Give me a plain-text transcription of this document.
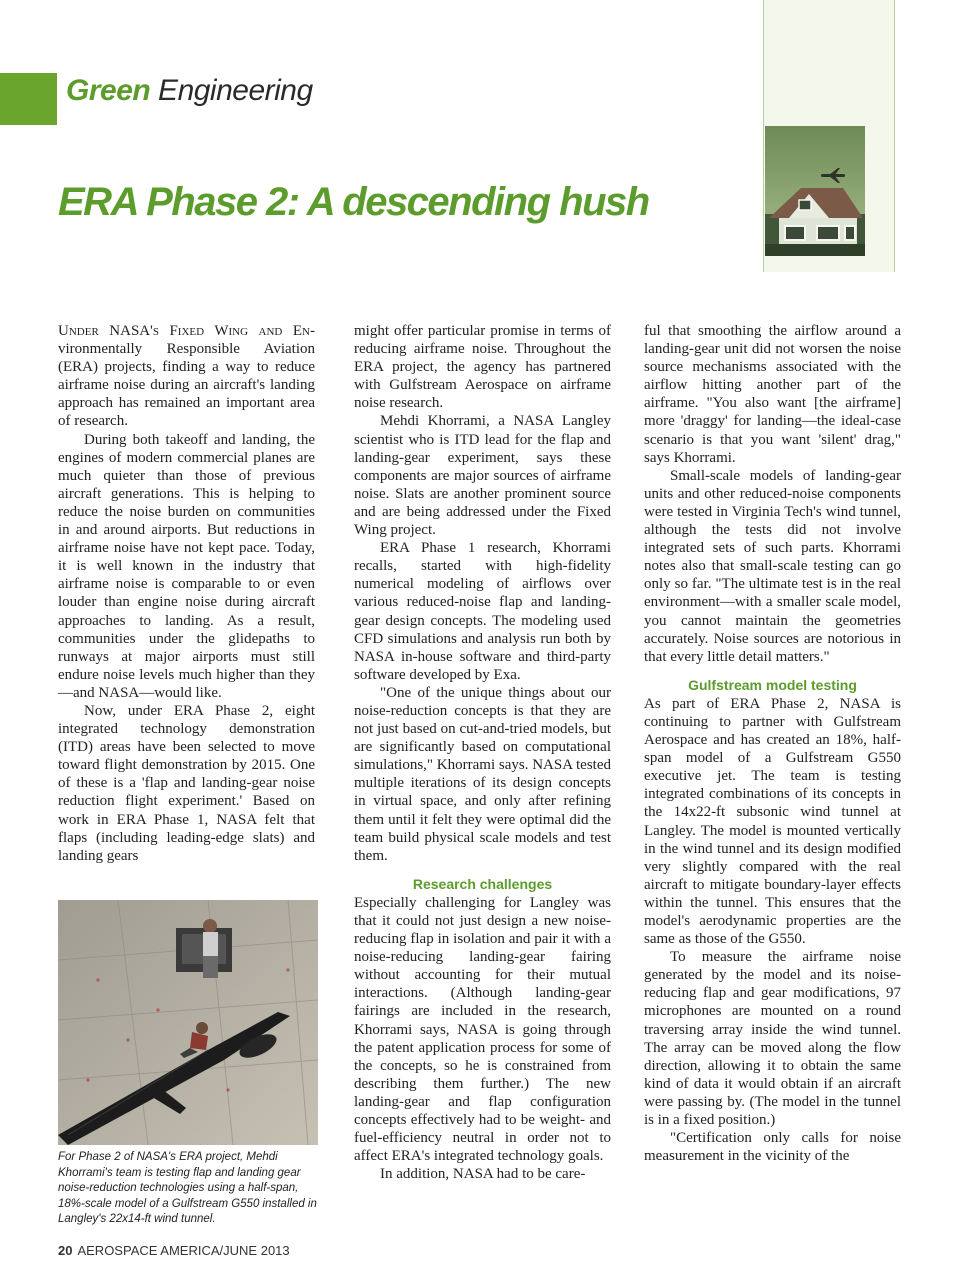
Green Engineering
ERA Phase 2: A descending hush

Under NASA's Fixed Wing and En-vironmentally Responsible Aviation (ERA) projects, finding a way to reduce airframe noise during an aircraft's landing approach has remained an important area of research.

During both takeoff and landing, the engines of modern commercial planes are much quieter than those of previous aircraft generations. This is helping to reduce the noise burden on communities in and around airports. But reductions in airframe noise have not kept pace. Today, it is well known in the industry that airframe noise is comparable to or even louder than engine noise during aircraft approaches to landing. As a result, communities under the glidepaths to runways at major airports must still endure noise levels much higher than they—and NASA—would like.

Now, under ERA Phase 2, eight integrated technology demonstration (ITD) areas have been selected to move toward flight demonstration by 2015. One of these is a 'flap and landing-gear noise reduction flight experiment.' Based on work in ERA Phase 1, NASA felt that flaps (including leading-edge slats) and landing gears

For Phase 2 of NASA's ERA project, Mehdi Khorrami's team is testing flap and landing gear noise-reduction technologies using a half-span, 18%-scale model of a Gulfstream G550 installed in Langley's 22x14-ft wind tunnel.

might offer particular promise in terms of reducing airframe noise. Throughout the ERA project, the agency has partnered with Gulfstream Aerospace on airframe noise research.

Mehdi Khorrami, a NASA Langley scientist who is ITD lead for the flap and landing-gear experiment, says these components are major sources of airframe noise. Slats are another prominent source and are being addressed under the Fixed Wing project.

ERA Phase 1 research, Khorrami recalls, started with high-fidelity numerical modeling of airflows over various reduced-noise flap and landing-gear design concepts. The modeling used CFD simulations and analysis run both by NASA in-house software and third-party software developed by Exa.

"One of the unique things about our noise-reduction concepts is that they are not just based on cut-and-tried models, but are significantly based on computational simulations," Khorrami says. NASA tested multiple iterations of its design concepts in virtual space, and only after refining them until it felt they were optimal did the team build physical scale models and test them.

Research challenges

Especially challenging for Langley was that it could not just design a new noise-reducing flap in isolation and pair it with a noise-reducing landing-gear fairing without accounting for their mutual interactions. (Although landing-gear fairings are included in the research, Khorrami says, NASA is going through the patent application process for some of the concepts, so he is constrained from describing them further.) The new landing-gear and flap configuration concepts effectively had to be weight- and fuel-efficiency neutral in order not to affect ERA's integrated technology goals.

In addition, NASA had to be care-

ful that smoothing the airflow around a landing-gear unit did not worsen the noise source mechanisms associated with the airflow hitting another part of the airframe. "You also want [the airframe] more 'draggy' for landing—the ideal-case scenario is that you want 'silent' drag," says Khorrami.

Small-scale models of landing-gear units and other reduced-noise components were tested in Virginia Tech's wind tunnel, although the tests did not involve integrated sets of such parts. Khorrami notes also that small-scale testing can go only so far. "The ultimate test is in the real environment—with a smaller scale model, you cannot maintain the geometries accurately. Noise sources are notorious in that every little detail matters."

Gulfstream model testing

As part of ERA Phase 2, NASA is continuing to partner with Gulfstream Aerospace and has created an 18%, half-span model of a Gulfstream G550 executive jet. The team is testing integrated combinations of its concepts in the 14x22-ft subsonic wind tunnel at Langley. The model is mounted vertically in the wind tunnel and its design modified very slightly compared with the real aircraft to mitigate boundary-layer effects within the tunnel. This ensures that the model's aerodynamic properties are the same as those of the G550.

To measure the airframe noise generated by the model and its noise-reducing flap and gear modifications, 97 microphones are mounted on a round traversing array inside the wind tunnel. The array can be moved along the flow direction, allowing it to obtain the same kind of data it would obtain if an aircraft were passing by. (The model in the tunnel is in a fixed position.)

"Certification only calls for noise measurement in the vicinity of the

20 AEROSPACE AMERICA/JUNE 2013
